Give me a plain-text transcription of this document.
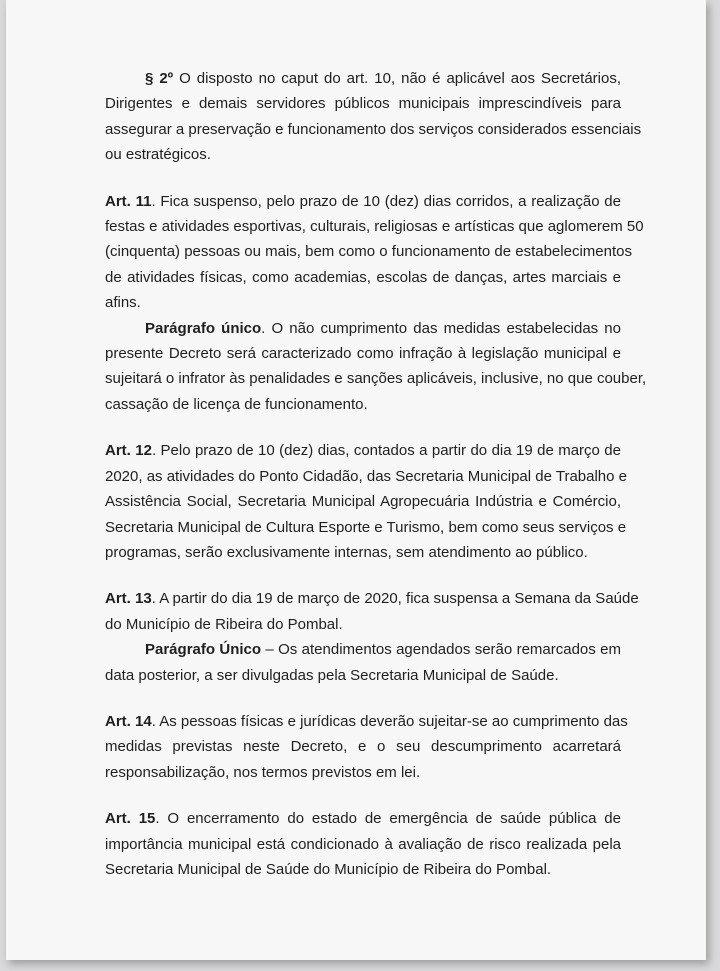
§ 2º O disposto no caput do art. 10, não é aplicável aos Secretários,
Dirigentes e demais servidores públicos municipais imprescindíveis para
assegurar a preservação e funcionamento dos serviços considerados essenciais
ou estratégicos.

Art. 11. Fica suspenso, pelo prazo de 10 (dez) dias corridos, a realização de
festas e atividades esportivas, culturais, religiosas e artísticas que aglomerem 50
(cinquenta) pessoas ou mais, bem como o funcionamento de estabelecimentos
de atividades físicas, como academias, escolas de danças, artes marciais e
afins.
Parágrafo único. O não cumprimento das medidas estabelecidas no
presente Decreto será caracterizado como infração à legislação municipal e
sujeitará o infrator às penalidades e sanções aplicáveis, inclusive, no que couber,
cassação de licença de funcionamento.

Art. 12. Pelo prazo de 10 (dez) dias, contados a partir do dia 19 de março de
2020, as atividades do Ponto Cidadão, das Secretaria Municipal de Trabalho e
Assistência Social, Secretaria Municipal Agropecuária Indústria e Comércio,
Secretaria Municipal de Cultura Esporte e Turismo, bem como seus serviços e
programas, serão exclusivamente internas, sem atendimento ao público.

Art. 13. A partir do dia 19 de março de 2020, fica suspensa a Semana da Saúde
do Município de Ribeira do Pombal.
Parágrafo Único – Os atendimentos agendados serão remarcados em
data posterior, a ser divulgadas pela Secretaria Municipal de Saúde.

Art. 14. As pessoas físicas e jurídicas deverão sujeitar-se ao cumprimento das
medidas previstas neste Decreto, e o seu descumprimento acarretará
responsabilização, nos termos previstos em lei.

Art. 15. O encerramento do estado de emergência de saúde pública de
importância municipal está condicionado à avaliação de risco realizada pela
Secretaria Municipal de Saúde do Município de Ribeira do Pombal.
